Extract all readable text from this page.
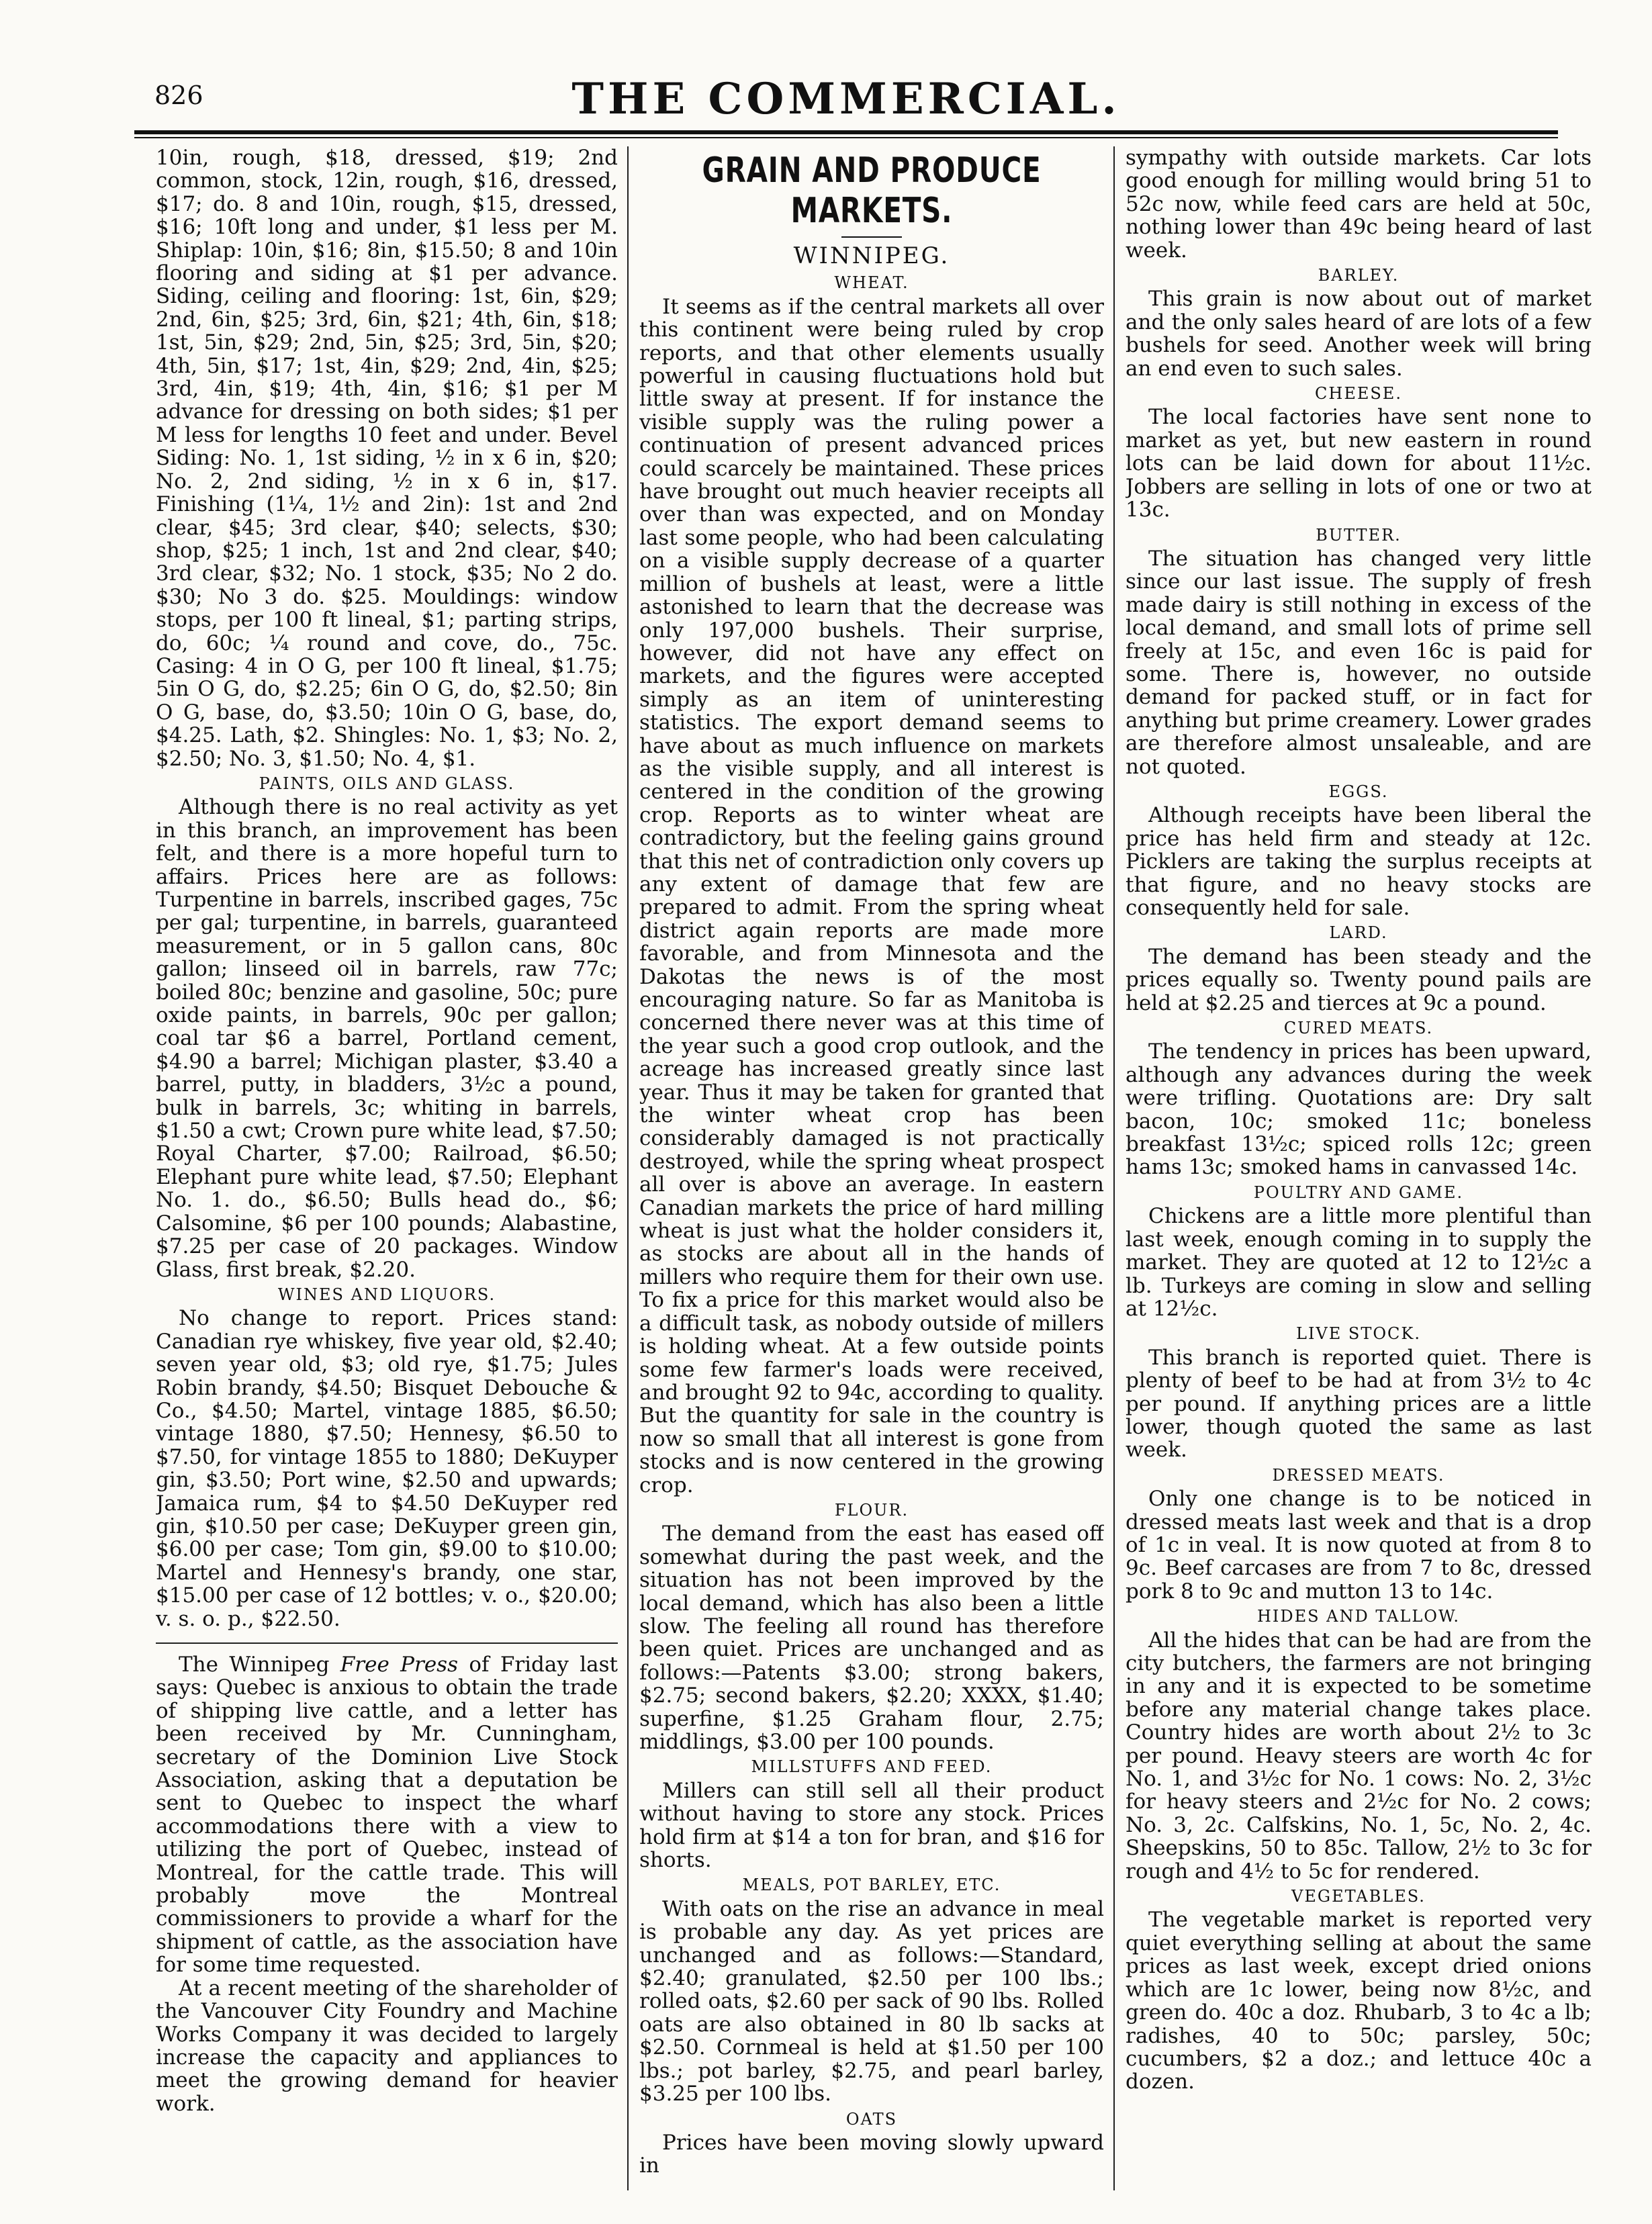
826	THE COMMERCIAL.

10in, rough, $18, dressed, $19; 2nd common, stock, 12in, rough, $16, dressed, $17; do. 8 and 10in, rough, $15, dressed, $16; 10ft long and under, $1 less per M. Shiplap: 10in, $16; 8in, $15.50; 8 and 10in flooring and siding at $1 per advance. Siding, ceiling and flooring: 1st, 6in, $29; 2nd, 6in, $25; 3rd, 6in, $21; 4th, 6in, $18; 1st, 5in, $29; 2nd, 5in, $25; 3rd, 5in, $20; 4th, 5in, $17; 1st, 4in, $29; 2nd, 4in, $25; 3rd, 4in, $19; 4th, 4in, $16; $1 per M advance for dressing on both sides; $1 per M less for lengths 10 feet and under. Bevel Siding: No. 1, 1st siding, ½ in x 6 in, $20; No. 2, 2nd siding, ½ in x 6 in, $17. Finishing (1¼, 1½ and 2in): 1st and 2nd clear, $45; 3rd clear, $40; selects, $30; shop, $25; 1 inch, 1st and 2nd clear, $40; 3rd clear, $32; No. 1 stock, $35; No 2 do. $30; No 3 do. $25. Mouldings: window stops, per 100 ft lineal, $1; parting strips, do, 60c; ¼ round and cove, do., 75c. Casing: 4 in O G, per 100 ft lineal, $1.75; 5in O G, do, $2.25; 6in O G, do, $2.50; 8in O G, base, do, $3.50; 10in O G, base, do, $4.25. Lath, $2. Shingles: No. 1, $3; No. 2, $2.50; No. 3, $1.50; No. 4, $1.

PAINTS, OILS AND GLASS.

Although there is no real activity as yet in this branch, an improvement has been felt, and there is a more hopeful turn to affairs. Prices here are as follows: Turpentine in barrels, inscribed gages, 75c per gal; turpentine, in barrels, guaranteed measurement, or in 5 gallon cans, 80c gallon; linseed oil in barrels, raw 77c; boiled 80c; benzine and gasoline, 50c; pure oxide paints, in barrels, 90c per gallon; coal tar $6 a barrel, Portland cement, $4.90 a barrel; Michigan plaster, $3.40 a barrel, putty, in bladders, 3½c a pound, bulk in barrels, 3c; whiting in barrels, $1.50 a cwt; Crown pure white lead, $7.50; Royal Charter, $7.00; Railroad, $6.50; Elephant pure white lead, $7.50; Elephant No. 1. do., $6.50; Bulls head do., $6; Calsomine, $6 per 100 pounds; Alabastine, $7.25 per case of 20 packages. Window Glass, first break, $2.20.

WINES AND LIQUORS.

No change to report. Prices stand: Canadian rye whiskey, five year old, $2.40; seven year old, $3; old rye, $1.75; Jules Robin brandy, $4.50; Bisquet Debouche & Co., $4.50; Martel, vintage 1885, $6.50; vintage 1880, $7.50; Hennesy, $6.50 to $7.50, for vintage 1855 to 1880; DeKuyper gin, $3.50; Port wine, $2.50 and upwards; Jamaica rum, $4 to $4.50 DeKuyper red gin, $10.50 per case; DeKuyper green gin, $6.00 per case; Tom gin, $9.00 to $10.00; Martel and Hennesy's brandy, one star, $15.00 per case of 12 bottles; v. o., $20.00; v. s. o. p., $22.50.

The Winnipeg Free Press of Friday last says: Quebec is anxious to obtain the trade of shipping live cattle, and a letter has been received by Mr. Cunningham, secretary of the Dominion Live Stock Association, asking that a deputation be sent to Quebec to inspect the wharf accommodations there with a view to utilizing the port of Quebec, instead of Montreal, for the cattle trade. This will probably move the Montreal commissioners to provide a wharf for the shipment of cattle, as the association have for some time requested.

At a recent meeting of the shareholder of the Vancouver City Foundry and Machine Works Company it was decided to largely increase the capacity and appliances to meet the growing demand for heavier work.

GRAIN AND PRODUCE MARKETS.
WINNIPEG.
WHEAT.

It seems as if the central markets all over this continent were being ruled by crop reports, and that other elements usually powerful in causing fluctuations hold but little sway at present. If for instance the visible supply was the ruling power a continuation of present advanced prices could scarcely be maintained. These prices have brought out much heavier receipts all over than was expected, and on Monday last some people, who had been calculating on a visible supply decrease of a quarter million of bushels at least, were a little astonished to learn that the decrease was only 197,000 bushels. Their surprise, however, did not have any effect on markets, and the figures were accepted simply as an item of uninteresting statistics. The export demand seems to have about as much influence on markets as the visible supply, and all interest is centered in the condition of the growing crop. Reports as to winter wheat are contradictory, but the feeling gains ground that this net of contradiction only covers up any extent of damage that few are prepared to admit. From the spring wheat district again reports are made more favorable, and from Minnesota and the Dakotas the news is of the most encouraging nature. So far as Manitoba is concerned there never was at this time of the year such a good crop outlook, and the acreage has increased greatly since last year. Thus it may be taken for granted that the winter wheat crop has been considerably damaged is not practically destroyed, while the spring wheat prospect all over is above an average. In eastern Canadian markets the price of hard milling wheat is just what the holder considers it, as stocks are about all in the hands of millers who require them for their own use. To fix a price for this market would also be a difficult task, as nobody outside of millers is holding wheat. At a few outside points some few farmer's loads were received, and brought 92 to 94c, according to quality. But the quantity for sale in the country is now so small that all interest is gone from stocks and is now centered in the growing crop.

FLOUR.

The demand from the east has eased off somewhat during the past week, and the situation has not been improved by the local demand, which has also been a little slow. The feeling all round has therefore been quiet. Prices are unchanged and as follows:—Patents $3.00; strong bakers, $2.75; second bakers, $2.20; XXXX, $1.40; superfine, $1.25 Graham flour, 2.75; middlings, $3.00 per 100 pounds.

MILLSTUFFS AND FEED.

Millers can still sell all their product without having to store any stock. Prices hold firm at $14 a ton for bran, and $16 for shorts.

MEALS, POT BARLEY, ETC.

With oats on the rise an advance in meal is probable any day. As yet prices are unchanged and as follows:—Standard, $2.40; granulated, $2.50 per 100 lbs.; rolled oats, $2.60 per sack of 90 lbs. Rolled oats are also obtained in 80 lb sacks at $2.50. Cornmeal is held at $1.50 per 100 lbs.; pot barley, $2.75, and pearl barley, $3.25 per 100 lbs.

OATS

Prices have been moving slowly upward in

sympathy with outside markets. Car lots good enough for milling would bring 51 to 52c now, while feed cars are held at 50c, nothing lower than 49c being heard of last week.

BARLEY.

This grain is now about out of market and the only sales heard of are lots of a few bushels for seed. Another week will bring an end even to such sales.

CHEESE.

The local factories have sent none to market as yet, but new eastern in round lots can be laid down for about 11½c. Jobbers are selling in lots of one or two at 13c.

BUTTER.

The situation has changed very little since our last issue. The supply of fresh made dairy is still nothing in excess of the local demand, and small lots of prime sell freely at 15c, and even 16c is paid for some. There is, however, no outside demand for packed stuff, or in fact for anything but prime creamery. Lower grades are therefore almost unsaleable, and are not quoted.

EGGS.

Although receipts have been liberal the price has held firm and steady at 12c. Picklers are taking the surplus receipts at that figure, and no heavy stocks are consequently held for sale.

LARD.

The demand has been steady and the prices equally so. Twenty pound pails are held at $2.25 and tierces at 9c a pound.

CURED MEATS.

The tendency in prices has been upward, although any advances during the week were trifling. Quotations are: Dry salt bacon, 10c; smoked 11c; boneless breakfast 13½c; spiced rolls 12c; green hams 13c; smoked hams in canvassed 14c.

POULTRY AND GAME.

Chickens are a little more plentiful than last week, enough coming in to supply the market. They are quoted at 12 to 12½c a lb. Turkeys are coming in slow and selling at 12½c.

LIVE STOCK.

This branch is reported quiet. There is plenty of beef to be had at from 3½ to 4c per pound. If anything prices are a little lower, though quoted the same as last week.

DRESSED MEATS.

Only one change is to be noticed in dressed meats last week and that is a drop of 1c in veal. It is now quoted at from 8 to 9c. Beef carcases are from 7 to 8c, dressed pork 8 to 9c and mutton 13 to 14c.

HIDES AND TALLOW.

All the hides that can be had are from the city butchers, the farmers are not bringing in any and it is expected to be sometime before any material change takes place. Country hides are worth about 2½ to 3c per pound. Heavy steers are worth 4c for No. 1, and 3½c for No. 1 cows: No. 2, 3½c for heavy steers and 2½c for No. 2 cows; No. 3, 2c. Calfskins, No. 1, 5c, No. 2, 4c. Sheepskins, 50 to 85c. Tallow, 2½ to 3c for rough and 4½ to 5c for rendered.

VEGETABLES.

The vegetable market is reported very quiet everything selling at about the same prices as last week, except dried onions which are 1c lower, being now 8½c, and green do. 40c a doz. Rhubarb, 3 to 4c a lb; radishes, 40 to 50c; parsley, 50c; cucumbers, $2 a doz.; and lettuce 40c a dozen.
